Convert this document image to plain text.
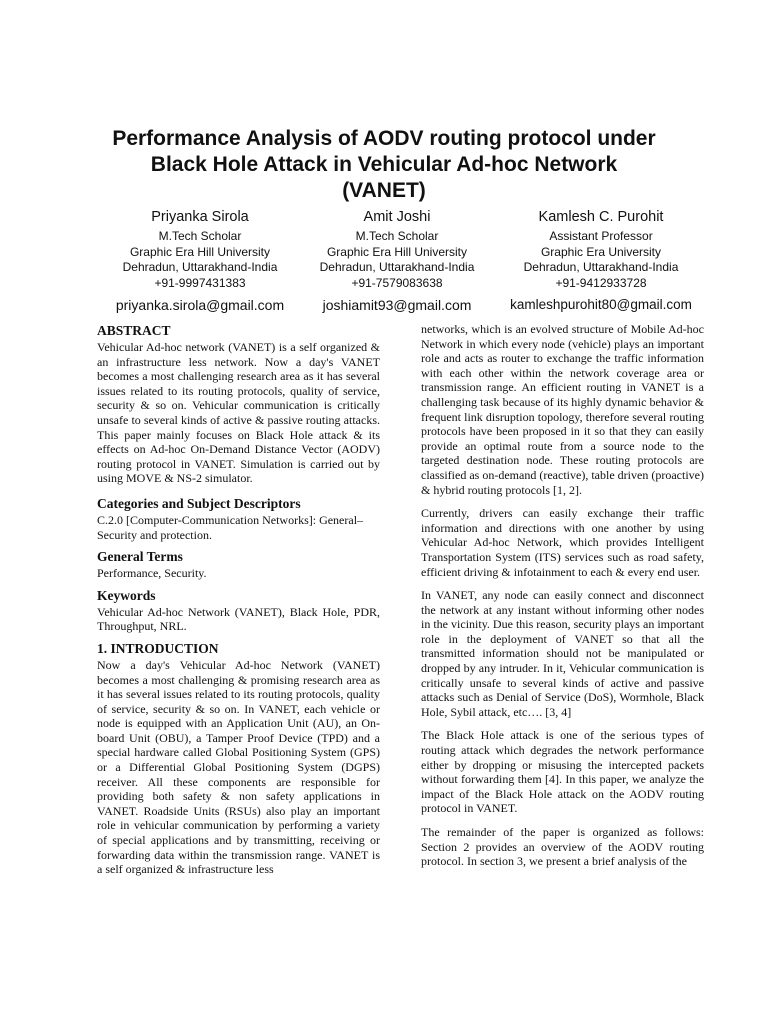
Performance Analysis of AODV routing protocol under Black Hole Attack in Vehicular Ad-hoc Network (VANET)
Priyanka Sirola
M.Tech Scholar
Graphic Era Hill University
Dehradun, Uttarakhand-India
+91-9997431383
priyanka.sirola@gmail.com
Amit Joshi
M.Tech Scholar
Graphic Era Hill University
Dehradun, Uttarakhand-India
+91-7579083638
joshiamit93@gmail.com
Kamlesh C. Purohit
Assistant Professor
Graphic Era University
Dehradun, Uttarakhand-India
+91-9412933728
kamleshpurohit80@gmail.com
ABSTRACT

Vehicular Ad-hoc network (VANET) is a self organized & an infrastructure less network. Now a day's VANET becomes a most challenging research area as it has several issues related to its routing protocols, quality of service, security & so on. Vehicular communication is critically unsafe to several kinds of active & passive routing attacks. This paper mainly focuses on Black Hole attack & its effects on Ad-hoc On-Demand Distance Vector (AODV) routing protocol in VANET. Simulation is carried out by using MOVE & NS-2 simulator.

Categories and Subject Descriptors

C.2.0 [Computer-Communication Networks]: General– Security and protection.

General Terms

Performance, Security.

Keywords

Vehicular Ad-hoc Network (VANET), Black Hole, PDR, Throughput, NRL.

1. INTRODUCTION

Now a day's Vehicular Ad-hoc Network (VANET) becomes a most challenging & promising research area as it has several issues related to its routing protocols, quality of service, security & so on. In VANET, each vehicle or node is equipped with an Application Unit (AU), an On-board Unit (OBU), a Tamper Proof Device (TPD) and a special hardware called Global Positioning System (GPS) or a Differential Global Positioning System (DGPS) receiver. All these components are responsible for providing both safety & non safety applications in VANET. Roadside Units (RSUs) also play an important role in vehicular communication by performing a variety of special applications and by transmitting, receiving or forwarding data within the transmission range. VANET is a self organized & infrastructure less

networks, which is an evolved structure of Mobile Ad-hoc Network in which every node (vehicle) plays an important role and acts as router to exchange the traffic information with each other within the network coverage area or transmission range. An efficient routing in VANET is a challenging task because of its highly dynamic behavior & frequent link disruption topology, therefore several routing protocols have been proposed in it so that they can easily provide an optimal route from a source node to the targeted destination node. These routing protocols are classified as on-demand (reactive), table driven (proactive) & hybrid routing protocols [1, 2].

Currently, drivers can easily exchange their traffic information and directions with one another by using Vehicular Ad-hoc Network, which provides Intelligent Transportation System (ITS) services such as road safety, efficient driving & infotainment to each & every end user.

In VANET, any node can easily connect and disconnect the network at any instant without informing other nodes in the vicinity. Due this reason, security plays an important role in the deployment of VANET so that all the transmitted information should not be manipulated or dropped by any intruder. In it, Vehicular communication is critically unsafe to several kinds of active and passive attacks such as Denial of Service (DoS), Wormhole, Black Hole, Sybil attack, etc…. [3, 4]

The Black Hole attack is one of the serious types of routing attack which degrades the network performance either by dropping or misusing the intercepted packets without forwarding them [4]. In this paper, we analyze the impact of the Black Hole attack on the AODV routing protocol in VANET.

The remainder of the paper is organized as follows: Section 2 provides an overview of the AODV routing protocol. In section 3, we present a brief analysis of the
